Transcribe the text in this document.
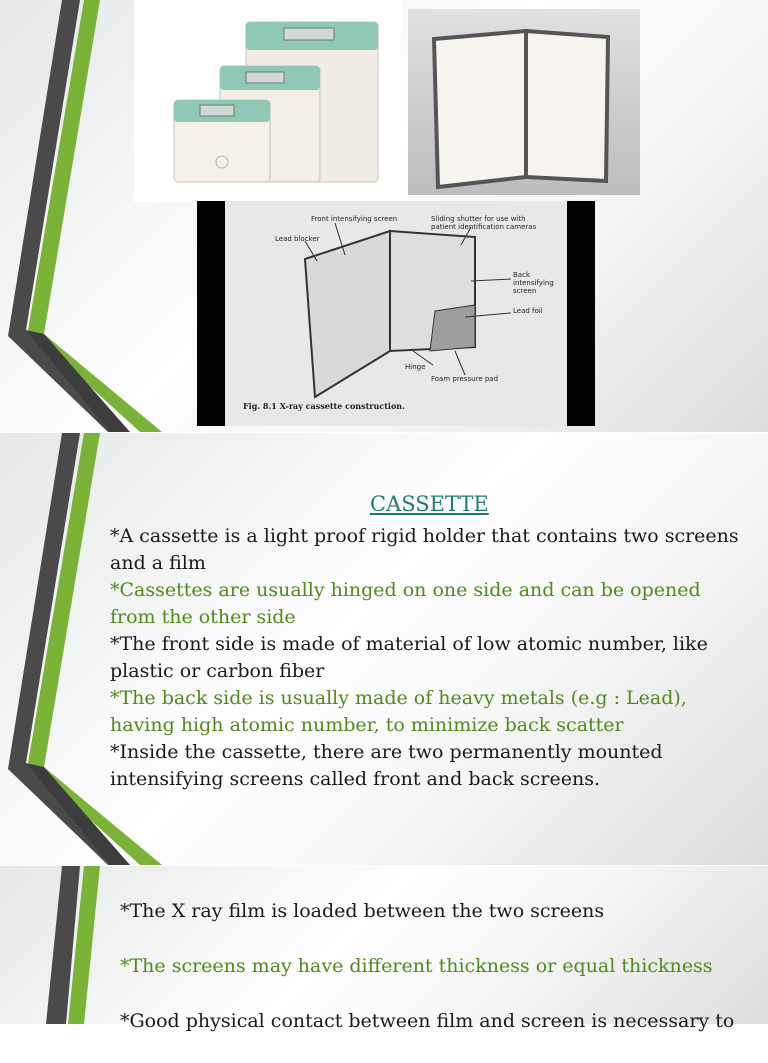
Front intensifying screen	Sliding shutter for use with patient identification cameras
Lead blocker
Back intensifying screen
Lead foil
Hinge
Foam pressure pad
Fig. 8.1 X-ray cassette construction.
CASSETTE

*A cassette is a light proof rigid holder that contains two screens and a film

*Cassettes are usually hinged on one side and can be opened from the other side

*The front side is made of material of low atomic number, like plastic or carbon fiber

*The back side is usually made of heavy metals (e.g : Lead), having high atomic number, to minimize back scatter

*Inside the cassette, there are two permanently mounted intensifying screens called front and back screens.

*The X ray film is loaded between the two screens

*The screens may have different thickness or equal thickness

*Good physical contact between film and screen is necessary to
